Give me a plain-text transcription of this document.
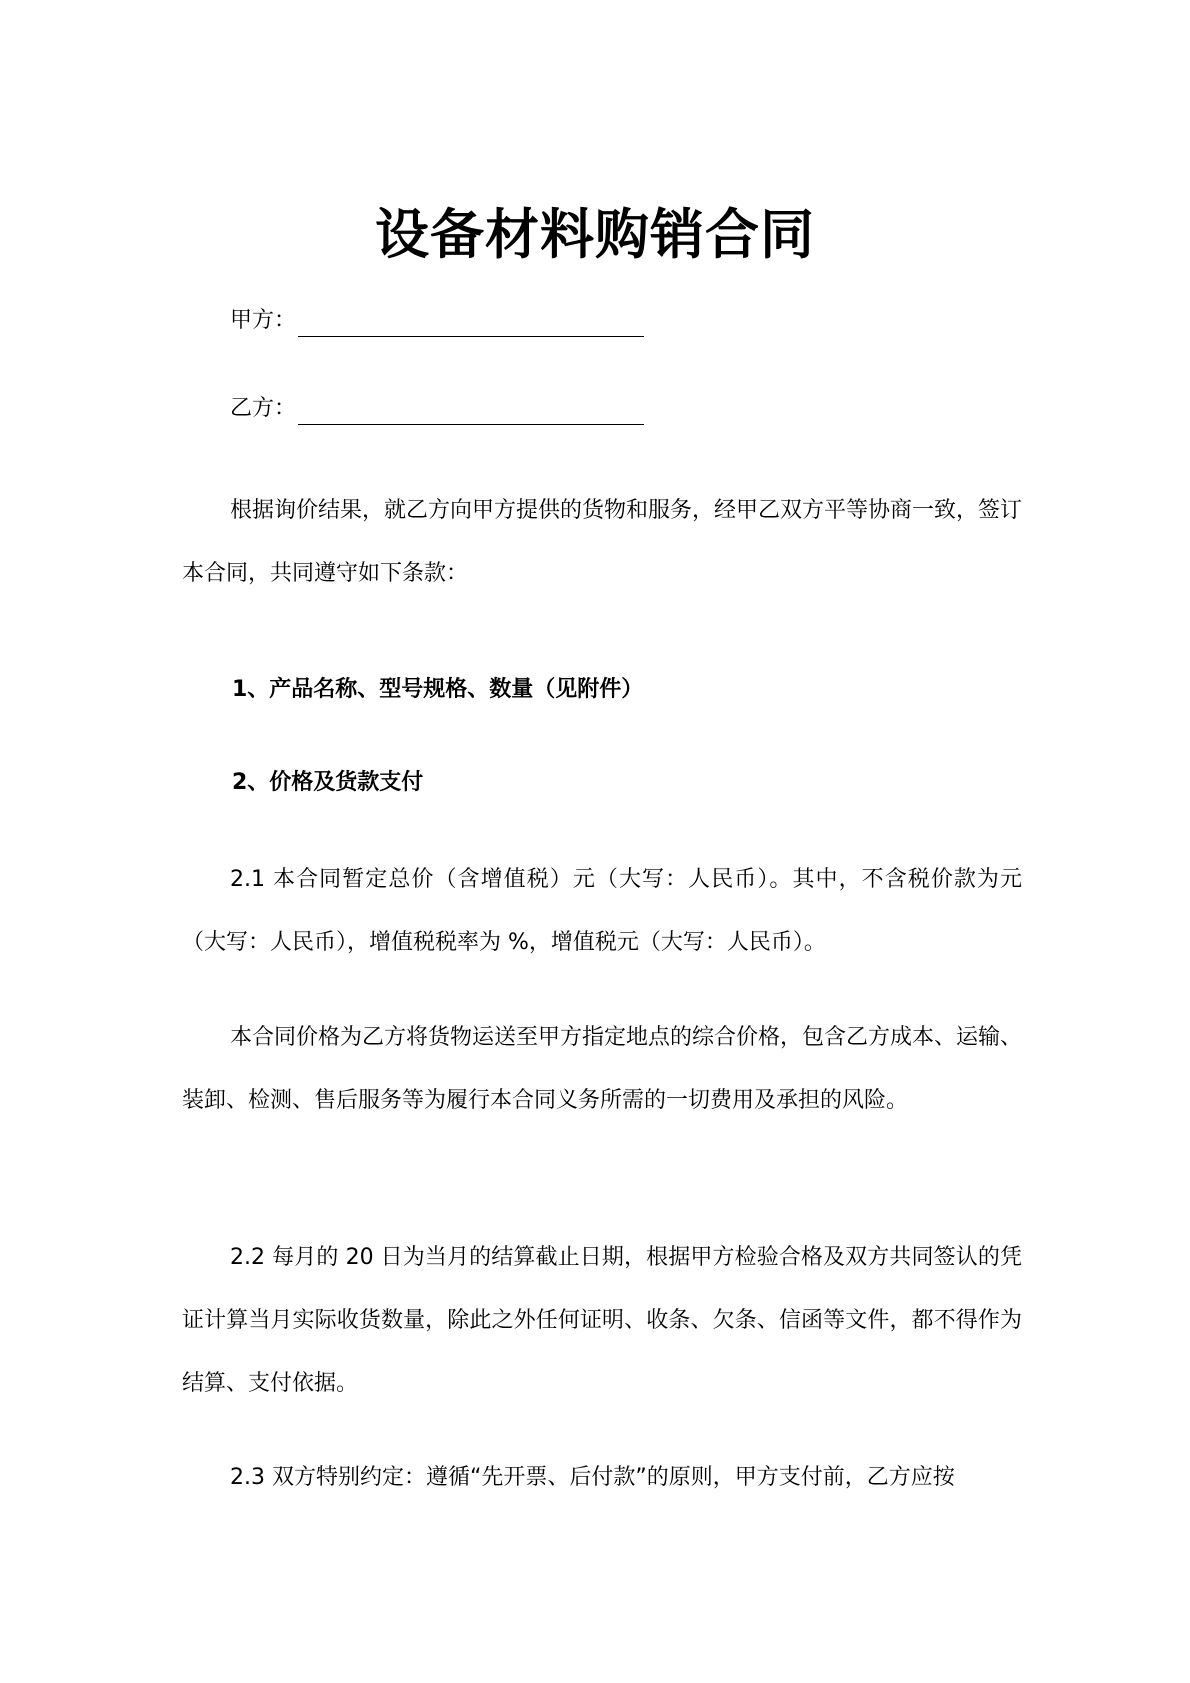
设备材料购销合同
甲方：
乙方：
根据询价结果，就乙方向甲方提供的货物和服务，经甲乙双方平等协商一致，签订本合同，共同遵守如下条款：
1、产品名称、型号规格、数量（见附件）
2、价格及货款支付
2.1 本合同暂定总价（含增值税）元（大写：人民币）。其中，不含税价款为元（大写：人民币），增值税税率为 %，增值税元（大写：人民币）。
本合同价格为乙方将货物运送至甲方指定地点的综合价格，包含乙方成本、运输、装卸、检测、售后服务等为履行本合同义务所需的一切费用及承担的风险。
2.2 每月的 20 日为当月的结算截止日期，根据甲方检验合格及双方共同签认的凭证计算当月实际收货数量，除此之外任何证明、收条、欠条、信函等文件，都不得作为结算、支付依据。
2.3 双方特别约定：遵循“先开票、后付款”的原则，甲方支付前，乙方应按
